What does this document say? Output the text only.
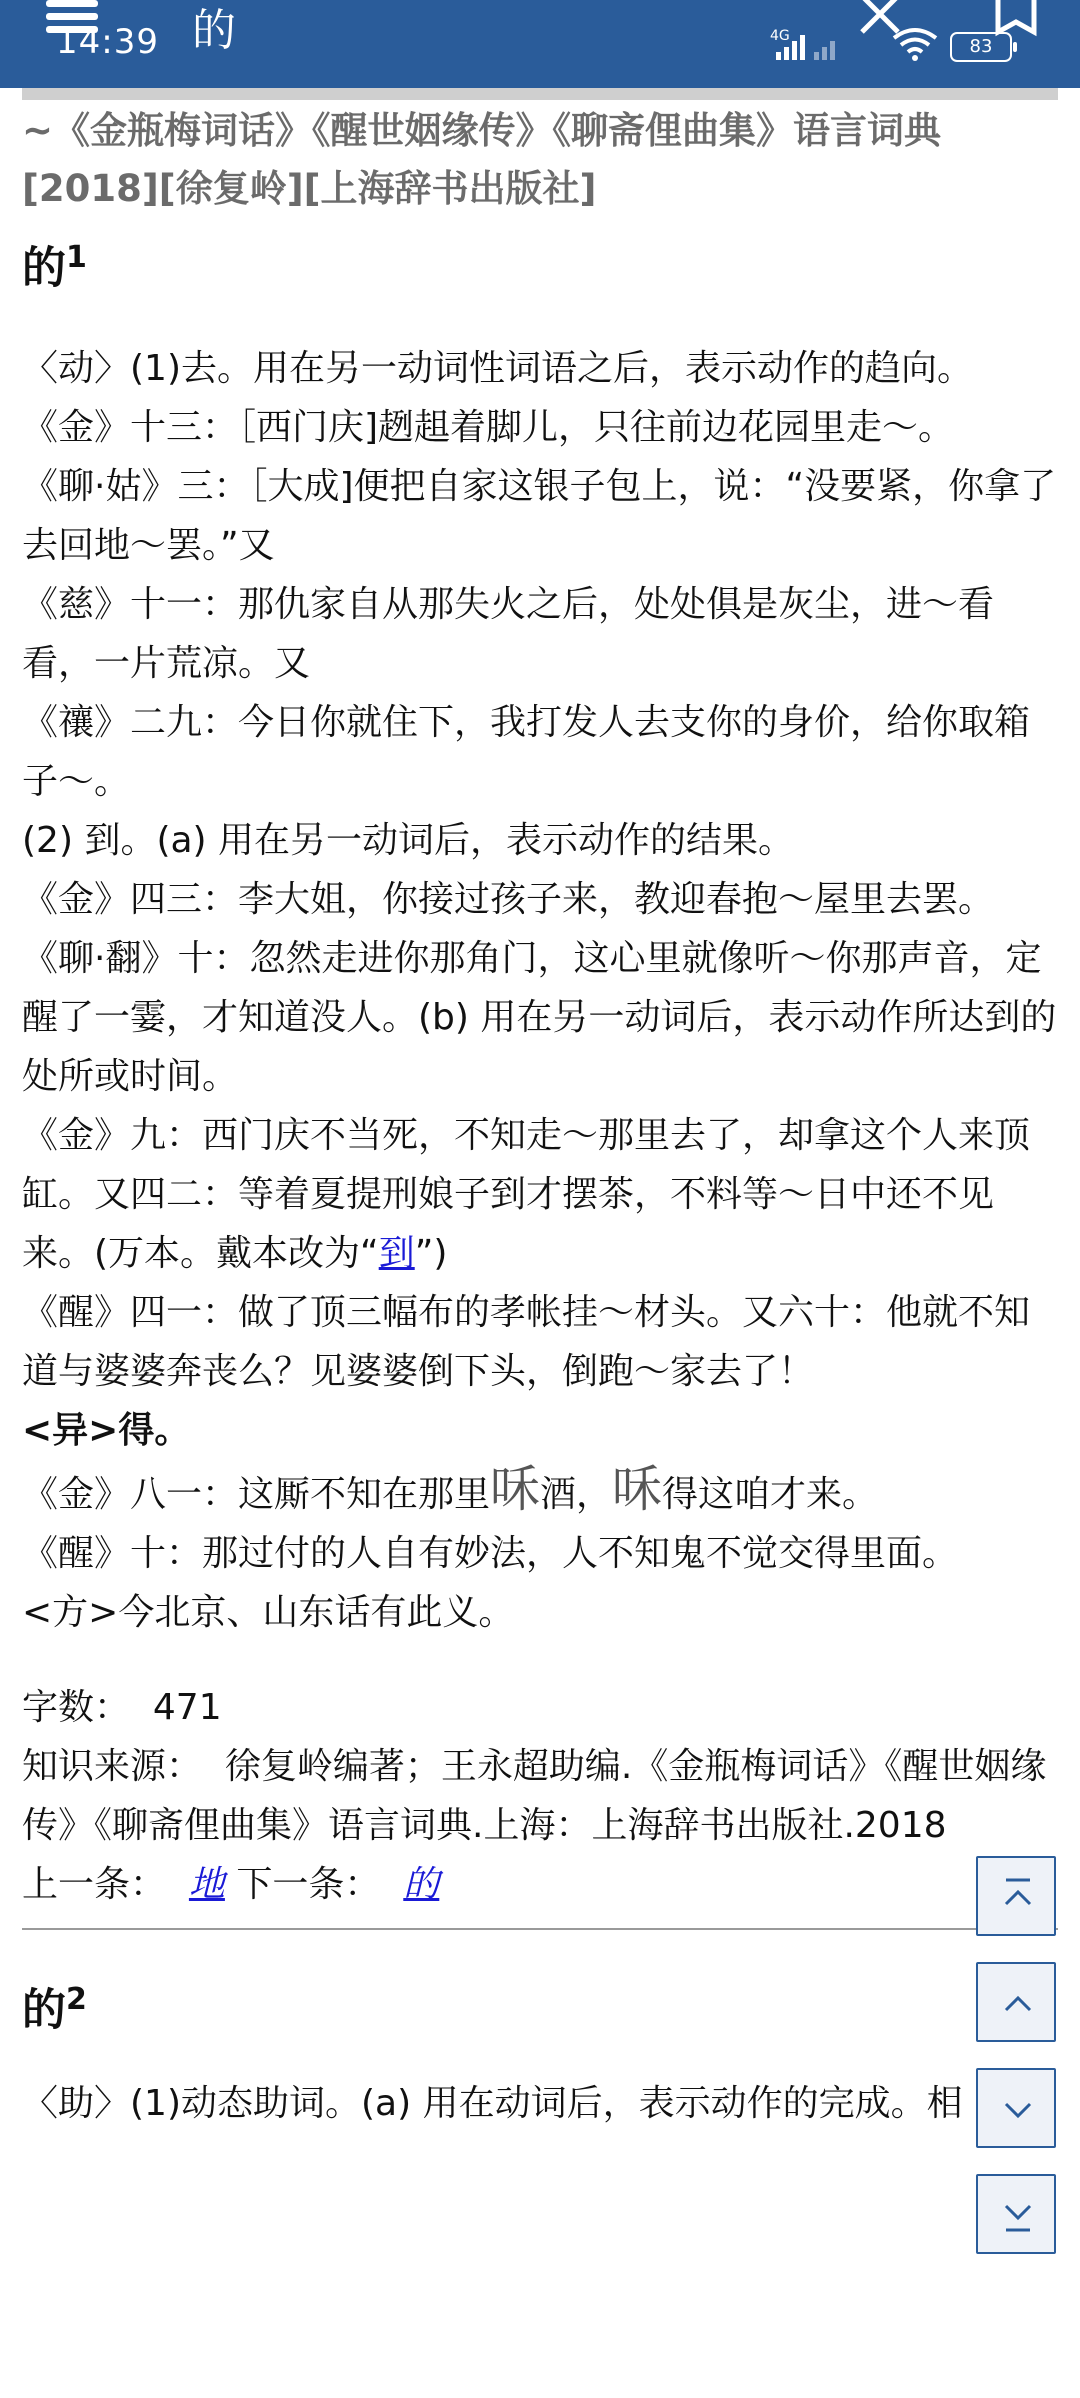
14:39 的	4G	83
~《金瓶梅词话》《醒世姻缘传》《聊斋俚曲集》语言词典[2018][徐复岭][上海辞书出版社]
的$^1$

〈动〉(1)去。用在另一动词性词语之后，表示动作的趋向。

《金》十三：［西门庆]趔趄着脚儿，只往前边花园里走～。

《聊·姑》三：［大成]便把自家这银子包上，说：“没要紧，你拿了去回地～罢。”又

《慈》十一：那仇家自从那失火之后，处处俱是灰尘，进～看看，一片荒凉。又

《禳》二九：今日你就住下，我打发人去支你的身价，给你取箱子～。

(2) 到。(a) 用在另一动词后，表示动作的结果。

《金》四三：李大姐，你接过孩子来，教迎春抱～屋里去罢。

《聊·翻》十：忽然走进你那角门，这心里就像听～你那声音，定醒了一霎，才知道没人。(b) 用在另一动词后，表示动作所达到的处所或时间。

《金》九：西门庆不当死，不知走～那里去了，却拿这个人来顶缸。又四二：等着夏提刑娘子到才摆茶，不料等～日中还不见来。(万本。戴本改为“到”)

《醒》四一：做了顶三幅布的孝帐挂～材头。又六十：他就不知道与婆婆奔丧么？见婆婆倒下头，倒跑～家去了！

<异>得。

《金》八一：这厮不知在那里咊酒，咊得这咱才来。

《醒》十：那过付的人自有妙法，人不知鬼不觉交得里面。

<方>今北京、山东话有此义。

字数： 471

知识来源： 徐复岭编著；王永超助编.《金瓶梅词话》《醒世姻缘传》《聊斋俚曲集》语言词典.上海：上海辞书出版社.2018

上一条： 地 下一条： 的

的$^2$
〈助〉(1)动态助词。(a) 用在动词后，表示动作的完成。相
